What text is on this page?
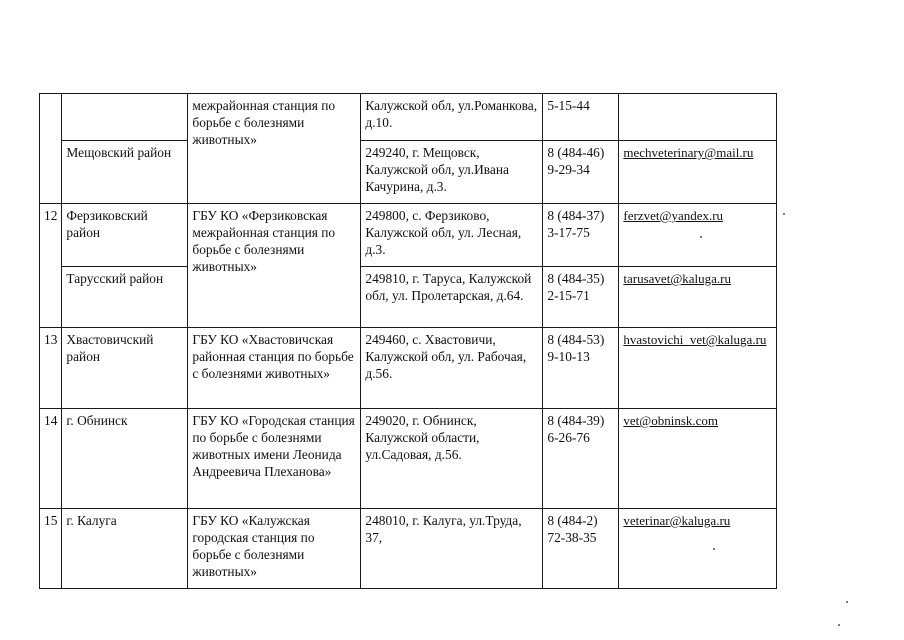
		межрайонная станция по борьбе с болезнями животных»	Калужской обл, ул.Романкова, д.10.	5-15-44	
	Мещовский район		249240, г. Мещовск, Калужской обл, ул.Ивана Качурина, д.3.	8 (484-46) 9-29-34	mechveterinary@mail.ru
12	Ферзиковский район	ГБУ КО «Ферзиковская межрайонная станция по борьбе с болезнями животных»	249800, с. Ферзиково, Калужской обл, ул. Лесная, д.3.	8 (484-37) 3-17-75	ferzvet@yandex.ru
	Тарусский район		249810, г. Таруса, Калужской обл, ул. Пролетарская, д.64.	8 (484-35) 2-15-71	tarusavet@kaluga.ru
13	Хвастовичский район	ГБУ КО «Хвастовичская районная станция по борьбе с болезнями животных»	249460, с. Хвастовичи, Калужской обл, ул. Рабочая, д.56.	8 (484-53) 9-10-13	hvastovichi_vet@kaluga.ru
14	г. Обнинск	ГБУ КО «Городская станция по борьбе с болезнями животных имени Леонида Андреевича Плеханова»	249020, г. Обнинск, Калужской области, ул.Садовая, д.56.	8 (484-39) 6-26-76	vet@obninsk.com
15	г. Калуга	ГБУ КО «Калужская городская станция по борьбе с болезнями животных»	248010, г. Калуга, ул.Труда, 37,	8 (484-2) 72-38-35	veterinar@kaluga.ru
